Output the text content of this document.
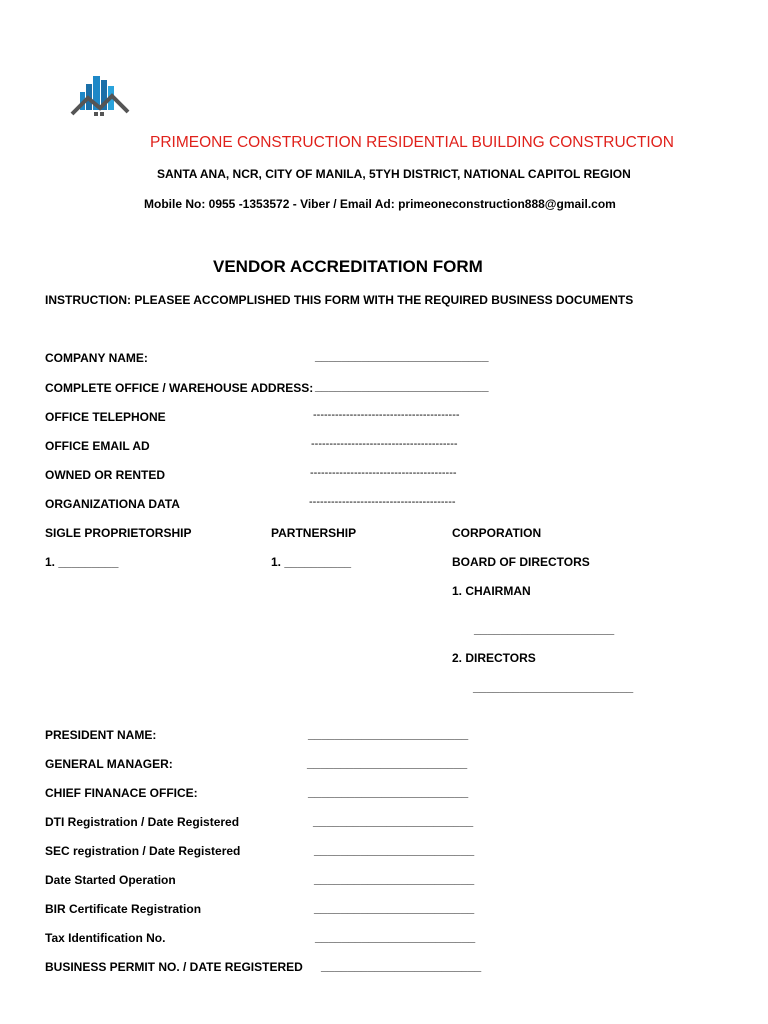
PRIMEONE CONSTRUCTION RESIDENTIAL BUILDING CONSTRUCTION
SANTA ANA, NCR, CITY OF MANILA, 5TYH DISTRICT, NATIONAL CAPITOL REGION
Mobile No: 0955 -1353572 - Viber / Email Ad: primeoneconstruction888@gmail.com
VENDOR ACCREDITATION FORM
INSTRUCTION: PLEASEE ACCOMPLISHED THIS FORM WITH THE REQUIRED BUSINESS DOCUMENTS
COMPANY NAME:	__________________________
COMPLETE OFFICE / WAREHOUSE ADDRESS: __________________________
OFFICE TELEPHONE	----------------------------------------
OFFICE EMAIL AD	----------------------------------------
OWNED OR RENTED	----------------------------------------
ORGANIZATIONA DATA	----------------------------------------
SIGLE PROPRIETORSHIP	PARTNERSHIP	CORPORATION
1. _________	1. __________	BOARD OF DIRECTORS
1. CHAIRMAN
_____________________
2. DIRECTORS
________________________
PRESIDENT NAME:	________________________
GENERAL MANAGER:	________________________
CHIEF FINANACE OFFICE:	________________________
DTI Registration / Date Registered	________________________
SEC registration / Date Registered	________________________
Date Started Operation	________________________
BIR Certificate Registration	________________________
Tax Identification No.	________________________
BUSINESS PERMIT NO. / DATE REGISTERED ________________________
